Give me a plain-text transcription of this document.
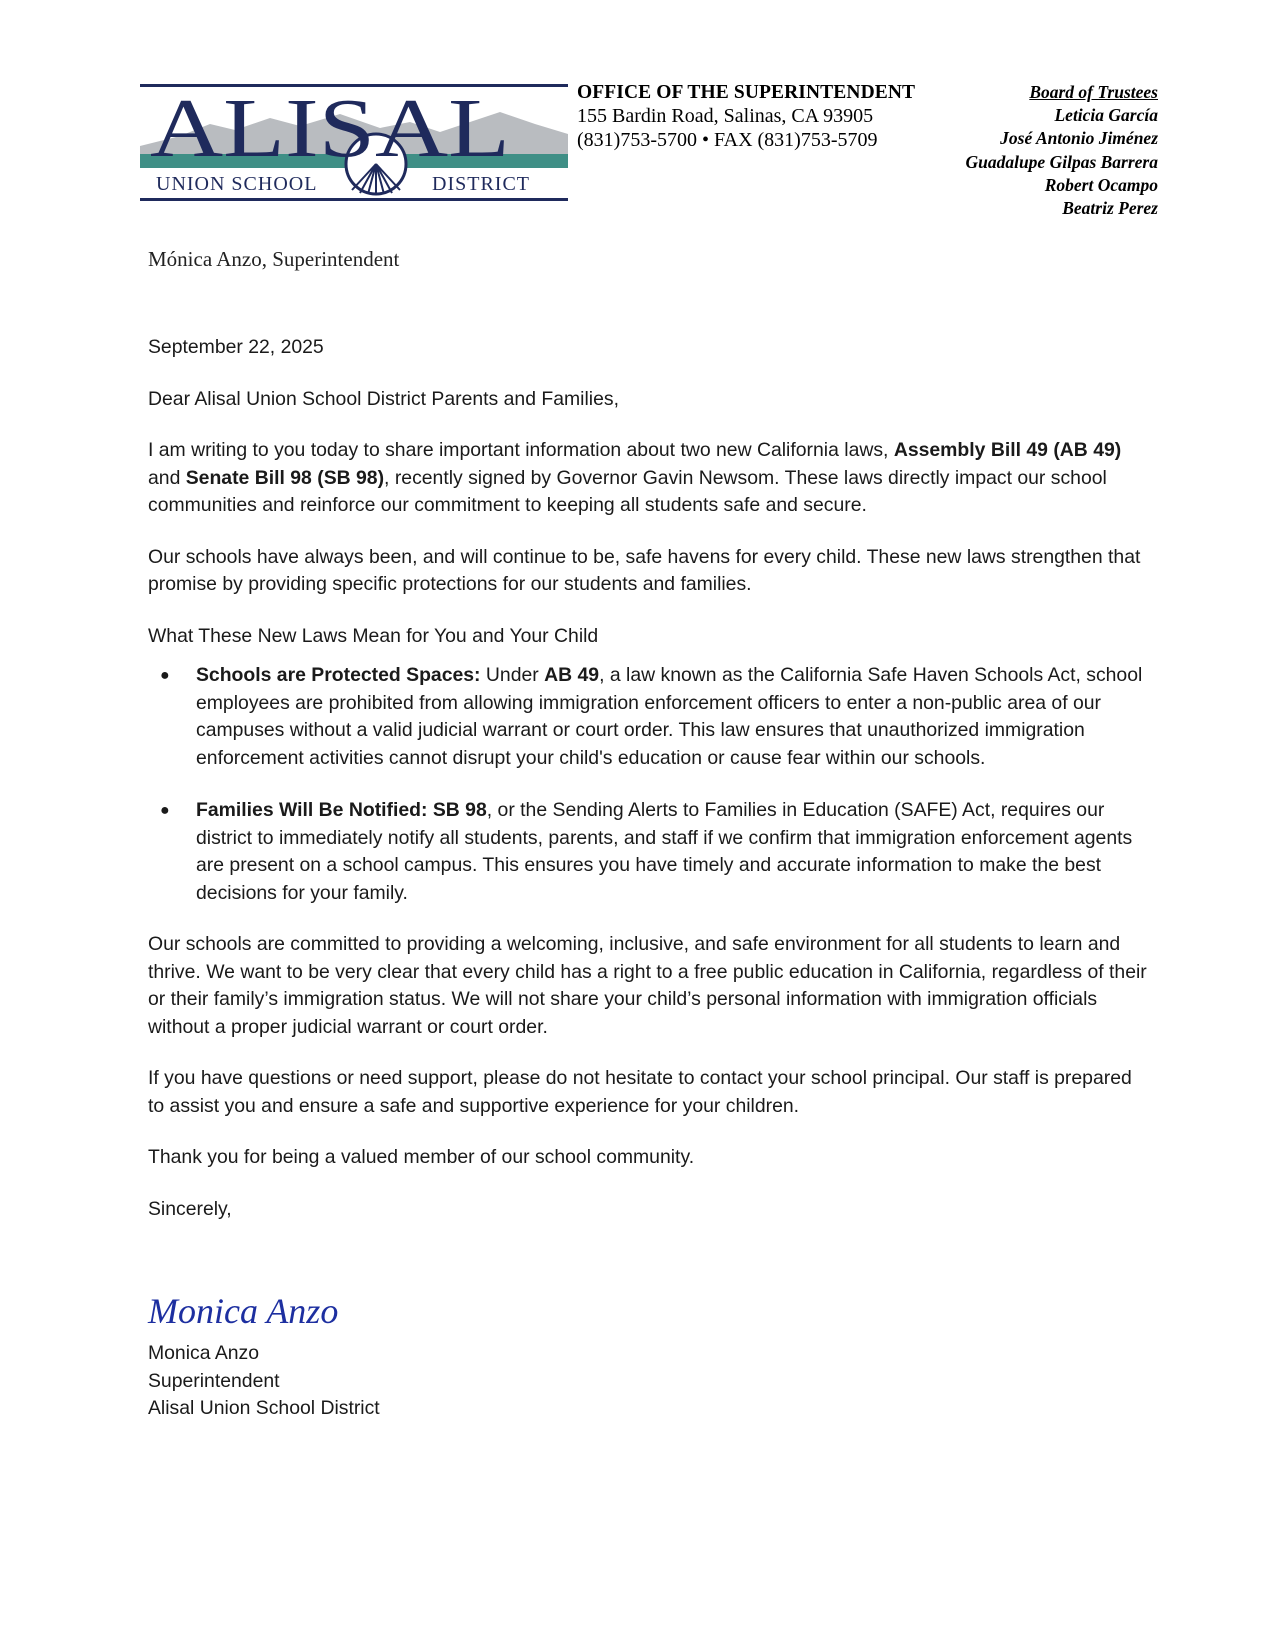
ALISAL
UNION SCHOOL	DISTRICT
OFFICE OF THE SUPERINTENDENT
155 Bardin Road, Salinas, CA 93905
(831)753-5700 • FAX (831)753-5709
Board of Trustees
Leticia García
José Antonio Jiménez
Guadalupe Gilpas Barrera
Robert Ocampo
Beatriz Perez
Mónica Anzo, Superintendent

September 22, 2025

Dear Alisal Union School District Parents and Families,

I am writing to you today to share important information about two new California laws, Assembly Bill 49 (AB 49) and Senate Bill 98 (SB 98), recently signed by Governor Gavin Newsom. These laws directly impact our school communities and reinforce our commitment to keeping all students safe and secure.

Our schools have always been, and will continue to be, safe havens for every child. These new laws strengthen that promise by providing specific protections for our students and families.

What These New Laws Mean for You and Your Child

● Schools are Protected Spaces: Under AB 49, a law known as the California Safe Haven Schools Act, school employees are prohibited from allowing immigration enforcement officers to enter a non-public area of our campuses without a valid judicial warrant or court order. This law ensures that unauthorized immigration enforcement activities cannot disrupt your child's education or cause fear within our schools.
● Families Will Be Notified: SB 98, or the Sending Alerts to Families in Education (SAFE) Act, requires our district to immediately notify all students, parents, and staff if we confirm that immigration enforcement agents are present on a school campus. This ensures you have timely and accurate information to make the best decisions for your family.

Our schools are committed to providing a welcoming, inclusive, and safe environment for all students to learn and thrive. We want to be very clear that every child has a right to a free public education in California, regardless of their or their family’s immigration status. We will not share your child’s personal information with immigration officials without a proper judicial warrant or court order.

If you have questions or need support, please do not hesitate to contact your school principal. Our staff is prepared to assist you and ensure a safe and supportive experience for your children.

Thank you for being a valued member of our school community.

Sincerely,

Monica Anzo
Monica Anzo
Superintendent
Alisal Union School District
